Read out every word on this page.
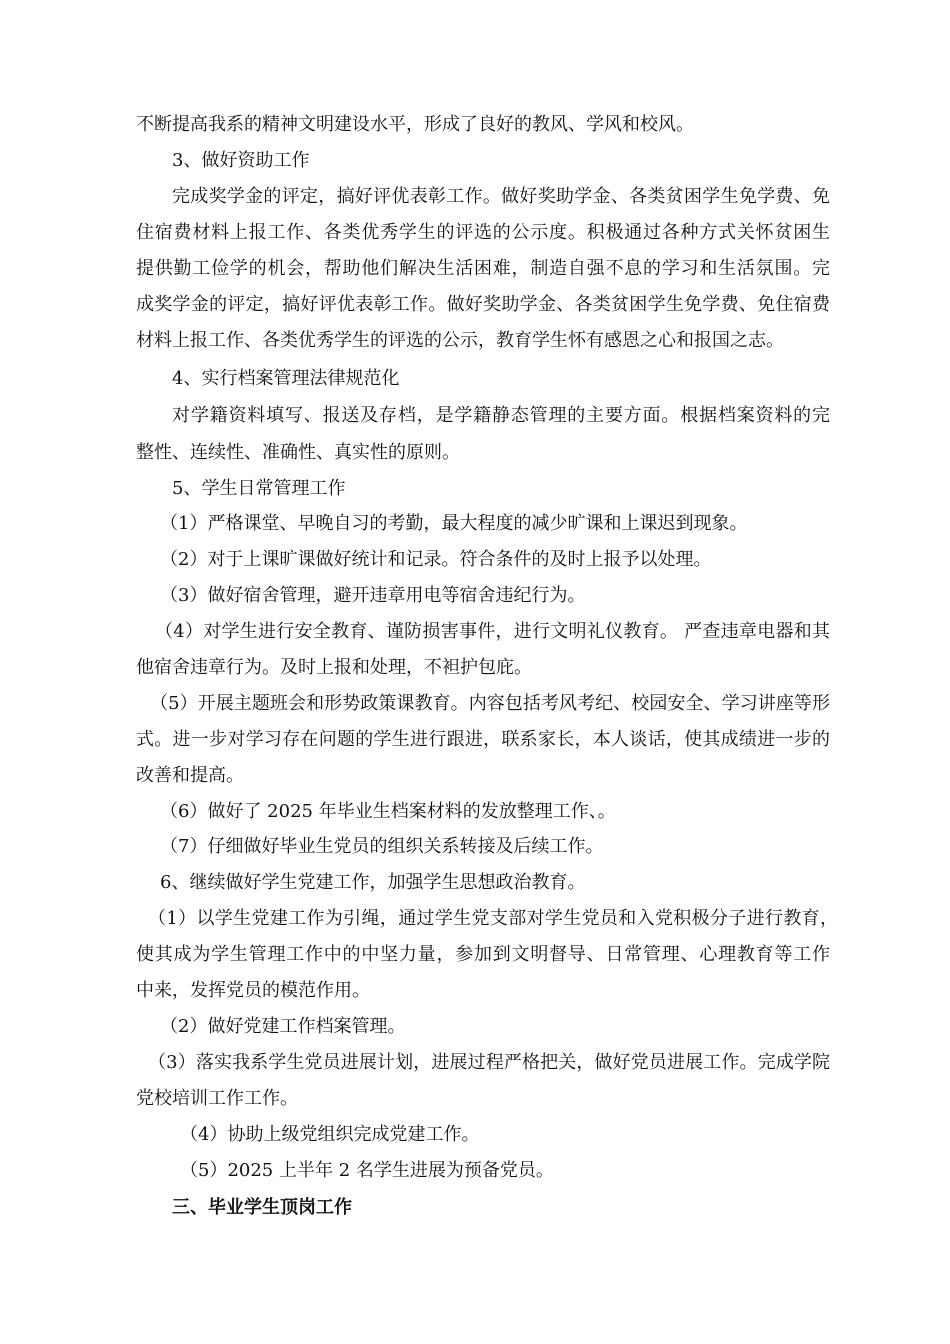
不断提高我系的精神文明建设水平，形成了良好的教风、学风和校风。
3、做好资助工作
完成奖学金的评定，搞好评优表彰工作。做好奖助学金、各类贫困学生免学费、免
住宿费材料上报工作、各类优秀学生的评选的公示度。积极通过各种方式关怀贫困生
提供勤工俭学的机会，帮助他们解决生活困难，制造自强不息的学习和生活氛围。完
成奖学金的评定，搞好评优表彰工作。做好奖助学金、各类贫困学生免学费、免住宿费
材料上报工作、各类优秀学生的评选的公示，教育学生怀有感恩之心和报国之志。
4、实行档案管理法律规范化
对学籍资料填写、报送及存档，是学籍静态管理的主要方面。根据档案资料的完
整性、连续性、准确性、真实性的原则。
5、学生日常管理工作
（1）严格课堂、早晚自习的考勤，最大程度的减少旷课和上课迟到现象。
（2）对于上课旷课做好统计和记录。符合条件的及时上报予以处理。
（3）做好宿舍管理，避开违章用电等宿舍违纪行为。
（4）对学生进行安全教育、谨防损害事件，进行文明礼仪教育。 严查违章电器和其
他宿舍违章行为。及时上报和处理，不袒护包庇。
（5）开展主题班会和形势政策课教育。内容包括考风考纪、校园安全、学习讲座等形
式。进一步对学习存在问题的学生进行跟进，联系家长，本人谈话，使其成绩进一步的
改善和提高。
（6）做好了 2025 年毕业生档案材料的发放整理工作、。
（7）仔细做好毕业生党员的组织关系转接及后续工作。
6、继续做好学生党建工作，加强学生思想政治教育。
（1）以学生党建工作为引绳，通过学生党支部对学生党员和入党积极分子进行教育，
使其成为学生管理工作中的中坚力量，参加到文明督导、日常管理、心理教育等工作
中来，发挥党员的模范作用。
（2）做好党建工作档案管理。
（3）落实我系学生党员进展计划，进展过程严格把关，做好党员进展工作。完成学院
党校培训工作工作。
（4）协助上级党组织完成党建工作。
（5）2025 上半年 2 名学生进展为预备党员。
三、毕业学生顶岗工作
